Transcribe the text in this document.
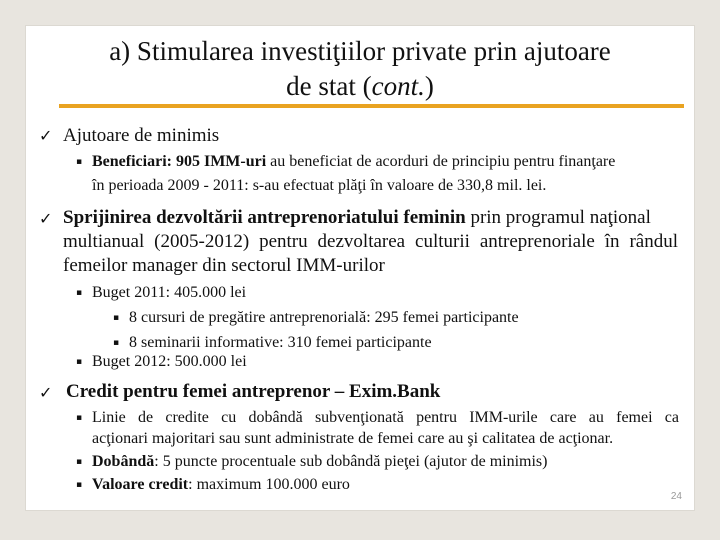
a) Stimularea investiţiilor private prin ajutoare
de stat (cont.)
✓ Ajutoare de minimis
▪ Beneficiari: 905 IMM-uri au beneficiat de acorduri de principiu pentru finanţare
în perioada 2009 - 2011: s-au efectuat plăţi în valoare de 330,8 mil. lei.
✓ Sprijinirea dezvoltării antreprenoriatului feminin prin programul naţional
multianual (2005-2012) pentru dezvoltarea culturii antreprenoriale în rândul
femeilor manager din sectorul IMM-urilor
▪ Buget 2011: 405.000 lei
▪ 8 cursuri de pregătire antreprenorială: 295 femei participante
▪ 8 seminarii informative: 310 femei participante
▪ Buget 2012: 500.000 lei
✓ Credit pentru femei antreprenor – Exim.Bank
▪ Linie de credite cu dobândă subvenţionată pentru IMM-urile care au femei ca
acţionari majoritari sau sunt administrate de femei care au şi calitatea de acţionar.
▪ Dobândă: 5 puncte procentuale sub dobândă pieţei (ajutor de minimis)
▪ Valoare credit: maximum 100.000 euro
24
